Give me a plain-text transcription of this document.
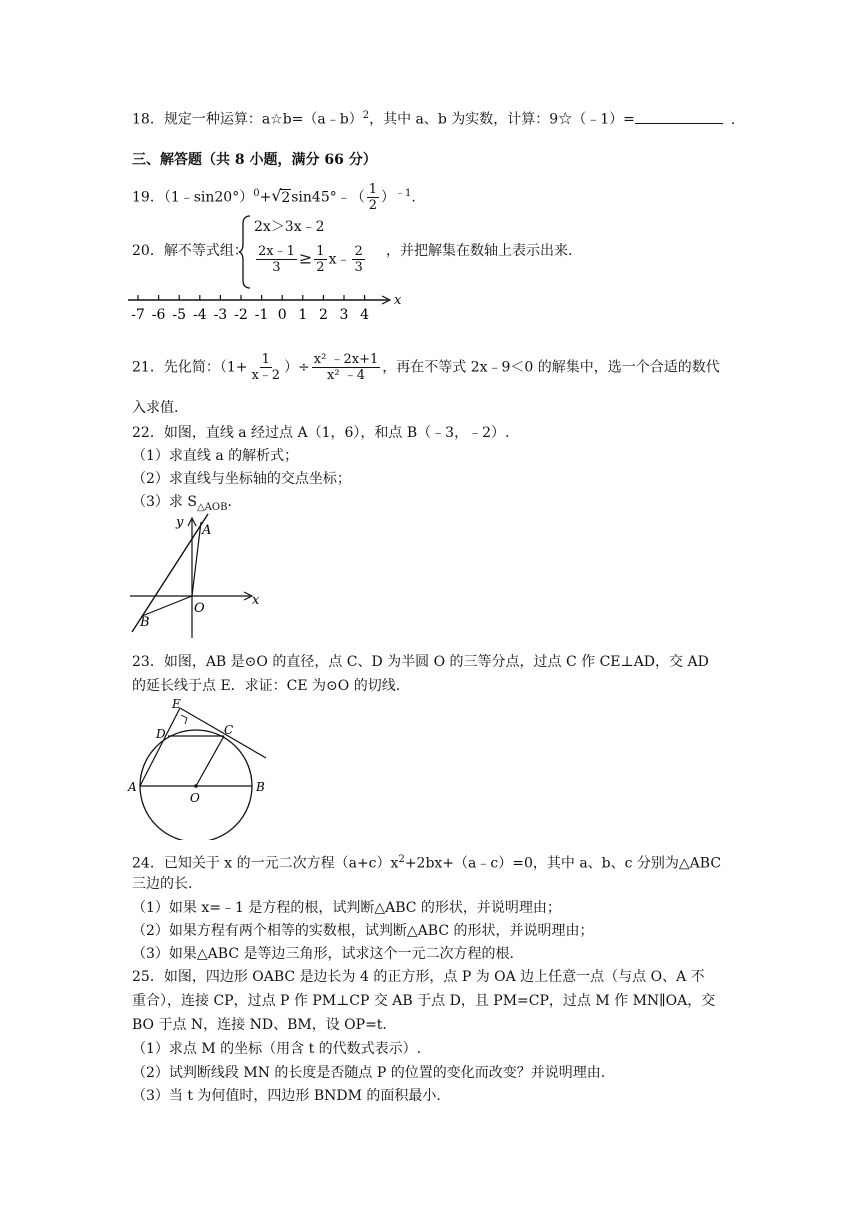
18．规定一种运算：a☆b=（a﹣b）$^2$，其中 a、b 为实数，计算：9☆（﹣1）=	.
三、解答题（共 8 小题，满分 66 分）
19．（1﹣sin20°）$^0$+ √ 2sin45°﹣（ $\frac{1}{2} )^{﹣1}$.
20．解不等式组：
2x＞3x﹣2
$\frac{2x﹣1}{3} \ge \frac{1}{2}$ x﹣ $\frac{2}{3}$ ，并把解集在数轴上表示出来.
x
-7 -6 -5 -4 -3 -2 -1 0 1 2 3 4
21．先化简：（$1+ \frac{1}{x﹣2}$ ）÷ $\frac{\text{x² ﹣2x+1}}{\text{x² ﹣4}}$ ，再在不等式 2x﹣9＜0 的解集中，选一个合适的数代
入求值.
22．如图，直线 a 经过点 A（1，6），和点 B（﹣3，﹣2）.
（1）求直线 a 的解析式；
（2）求直线与坐标轴的交点坐标；
（3）求 $S_{\triangle AOB}$.
y
A
O
x
B
23．如图，AB 是⊙O 的直径，点 C、D 为半圆 O 的三等分点，过点 C 作 CE⊥AD，交 AD
的延长线于点 E．求证：CE 为⊙O 的切线.
E
D	C
A
O
B
24．已知关于 x 的一元二次方程$(a+c)x^2+2bx+(a﹣c)=0$，其中 a、b、c 分别为△ABC
三边的长.
（1）如果 x=﹣1 是方程的根，试判断△ABC 的形状，并说明理由；
（2）如果方程有两个相等的实数根，试判断△ABC 的形状，并说明理由；
（3）如果△ABC 是等边三角形，试求这个一元二次方程的根.
25．如图，四边形 OABC 是边长为 4 的正方形，点 P 为 OA 边上任意一点（与点 O、A 不
重合），连接 CP，过点 P 作 PM⊥CP 交 AB 于点 D，且 PM=CP，过点 M 作 MN∥OA，交
BO 于点 N，连接 ND、BM，设 OP=t.
（1）求点 M 的坐标（用含 t 的代数式表示）.
（2）试判断线段 MN 的长度是否随点 P 的位置的变化而改变？并说明理由.
（3）当 t 为何值时，四边形 BNDM 的面积最小.
